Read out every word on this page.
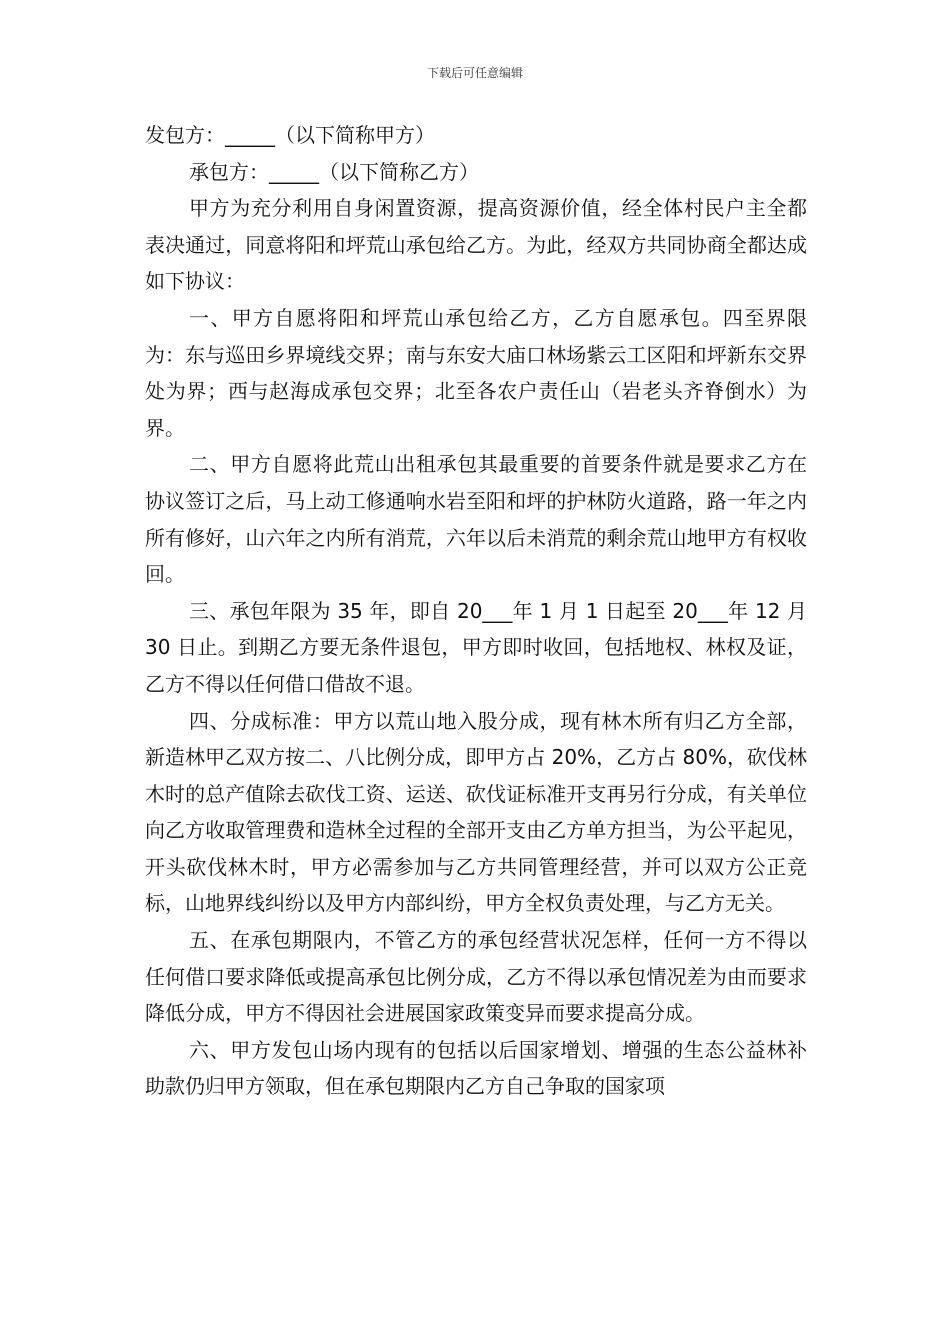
下载后可任意编辑

发包方：_____（以下简称甲方）

承包方：_____（以下简称乙方）

甲方为充分利用自身闲置资源，提高资源价值，经全体村民户主全都表决通过，同意将阳和坪荒山承包给乙方。为此，经双方共同协商全都达成如下协议：

一、甲方自愿将阳和坪荒山承包给乙方，乙方自愿承包。四至界限为：东与巡田乡界境线交界；南与东安大庙口林场紫云工区阳和坪新东交界处为界；西与赵海成承包交界；北至各农户责任山（岩老头齐脊倒水）为界。

二、甲方自愿将此荒山出租承包其最重要的首要条件就是要求乙方在协议签订之后，马上动工修通响水岩至阳和坪的护林防火道路，路一年之内所有修好，山六年之内所有消荒，六年以后未消荒的剩余荒山地甲方有权收回。

三、承包年限为 35 年，即自 20___年 1 月 1 日起至 20___年 12 月 30 日止。到期乙方要无条件退包，甲方即时收回，包括地权、林权及证，乙方不得以任何借口借故不退。

四、分成标准：甲方以荒山地入股分成，现有林木所有归乙方全部，新造林甲乙双方按二、八比例分成，即甲方占 20%，乙方占 80%，砍伐林木时的总产值除去砍伐工资、运送、砍伐证标准开支再另行分成，有关单位向乙方收取管理费和造林全过程的全部开支由乙方单方担当，为公平起见，开头砍伐林木时，甲方必需参加与乙方共同管理经营，并可以双方公正竞标，山地界线纠纷以及甲方内部纠纷，甲方全权负责处理，与乙方无关。

五、在承包期限内，不管乙方的承包经营状况怎样，任何一方不得以任何借口要求降低或提高承包比例分成，乙方不得以承包情况差为由而要求降低分成，甲方不得因社会进展国家政策变异而要求提高分成。

六、甲方发包山场内现有的包括以后国家增划、增强的生态公益林补助款仍归甲方领取，但在承包期限内乙方自己争取的国家项
